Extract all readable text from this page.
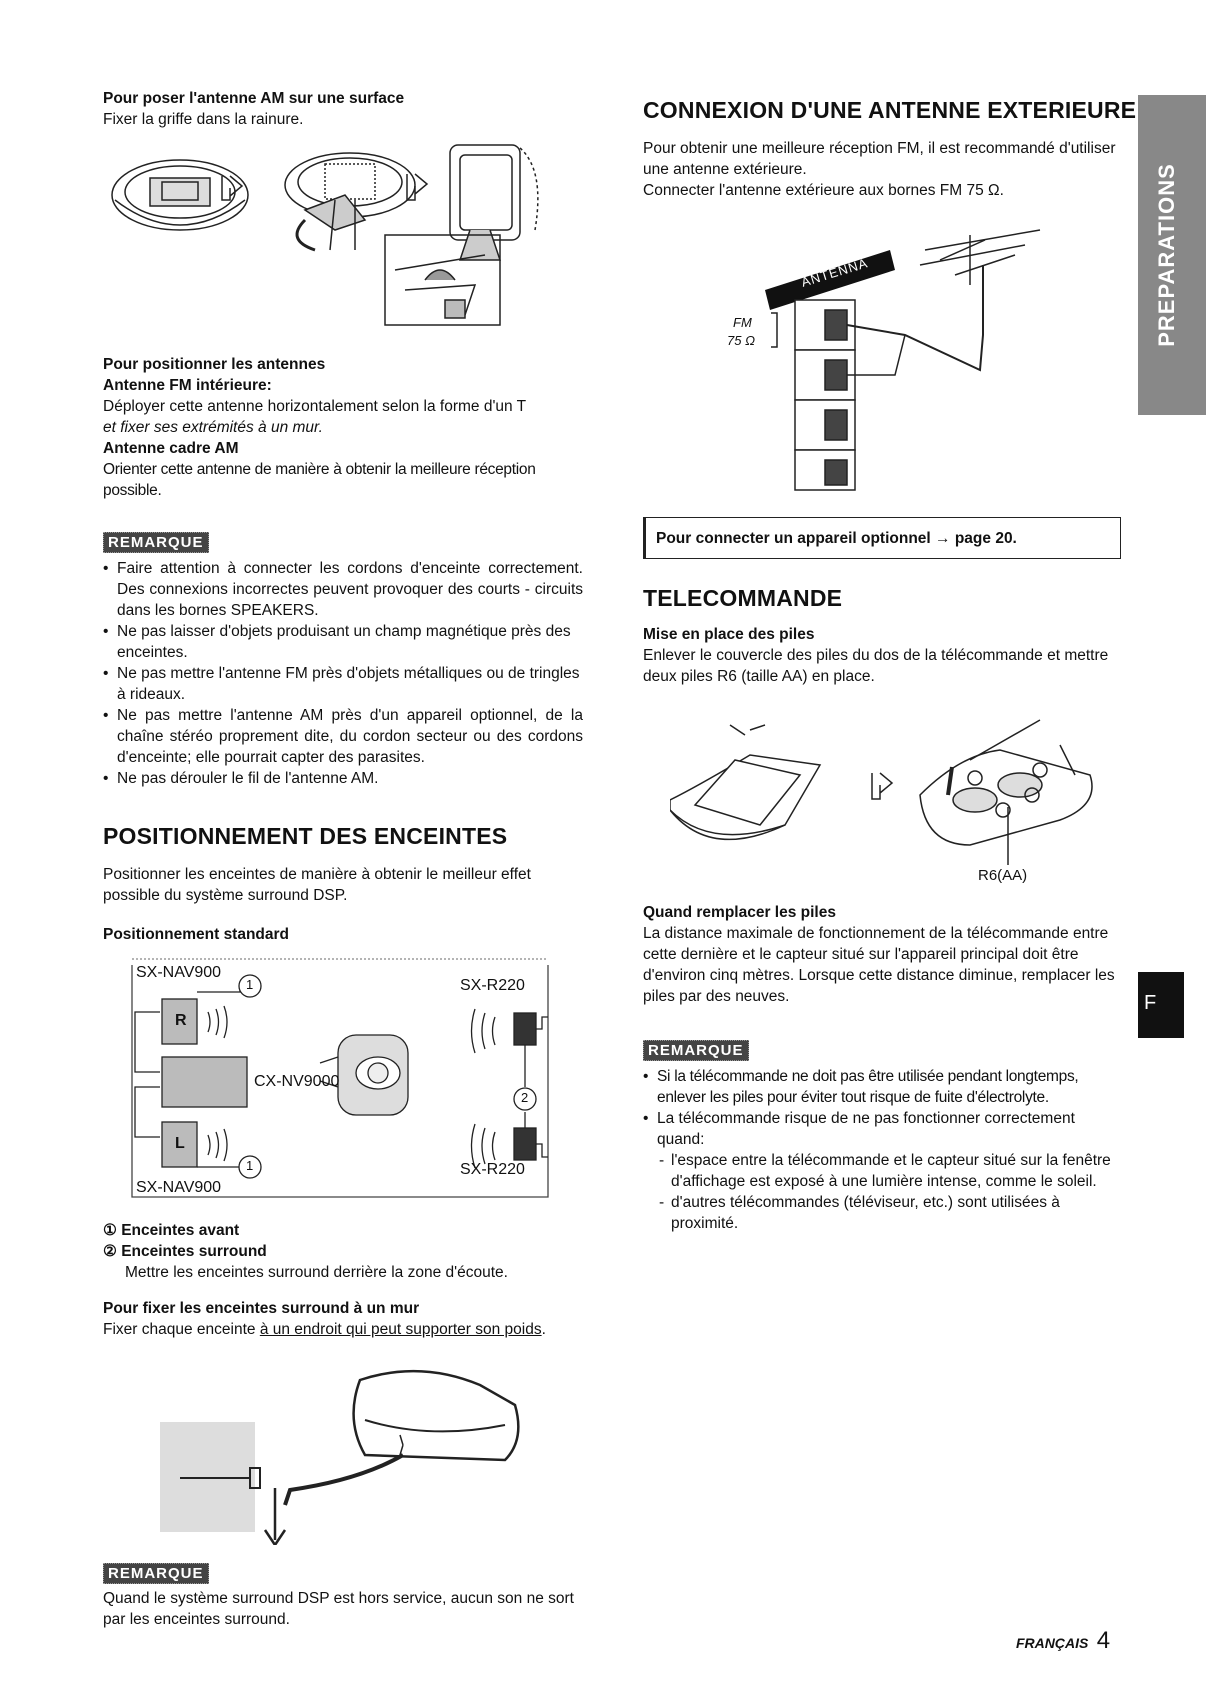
Pour poser l'antenne AM sur une surface

Fixer la griffe dans la rainure.

Pour positionner les antennes

Antenne FM intérieure:

Déployer cette antenne horizontalement selon la forme d'un T

et fixer ses extrémités à un mur.

Antenne cadre AM

Orienter cette antenne de manière à obtenir la meilleure réception possible.

REMARQUE
• Faire attention à connecter les cordons d'enceinte correctement. Des connexions incorrectes peuvent provoquer des courts - circuits dans les bornes SPEAKERS.
• Ne pas laisser d'objets produisant un champ magnétique près des enceintes.
• Ne pas mettre l'antenne FM près d'objets métalliques ou de tringles à rideaux.
• Ne pas mettre l'antenne AM près d'un appareil optionnel, de la chaîne stéréo proprement dite, du cordon secteur ou des cordons d'enceinte; elle pourrait capter des parasites.
• Ne pas dérouler le fil de l'antenne AM.
POSITIONNEMENT DES ENCEINTES

Positionner les enceintes de manière à obtenir le meilleur effet possible du système surround DSP.

Positionnement standard
SX-NAV900
SX-NAV900
CX-NV9000
SX-R220
SX-R220
R
L
1
1
2

① Enceintes avant

② Enceintes surround

Mettre les enceintes surround derrière la zone d'écoute.

Pour fixer les enceintes surround à un mur

Fixer chaque enceinte à un endroit qui peut supporter son poids.

REMARQUE

Quand le système surround DSP est hors service, aucun son ne sort par les enceintes surround.

CONNEXION D'UNE ANTENNE EXTERIEURE

Pour obtenir une meilleure réception FM, il est recommandé d'utiliser une antenne extérieure.

Connecter l'antenne extérieure aux bornes FM 75 Ω.

ANTENNA
FM
75 Ω
Pour connecter un appareil optionnel → page 20.
TELECOMMANDE

Mise en place des piles

Enlever le couvercle des piles du dos de la télécommande et mettre deux piles R6 (taille AA) en place.

R6(AA)

Quand remplacer les piles

La distance maximale de fonctionnement de la télécommande entre cette dernière et le capteur situé sur l'appareil principal doit être d'environ cinq mètres. Lorsque cette distance diminue, remplacer les piles par des neuves.

REMARQUE
• Si la télécommande ne doit pas être utilisée pendant longtemps, enlever les piles pour éviter tout risque de fuite d'électrolyte.
• La télécommande risque de ne pas fonctionner correctement quand:
- l'espace entre la télécommande et le capteur situé sur la fenêtre d'affichage est exposé à une lumière intense, comme le soleil.
- d'autres télécommandes (téléviseur, etc.) sont utilisées à proximité.
PREPARATIONS
F
FRANÇAIS 4
